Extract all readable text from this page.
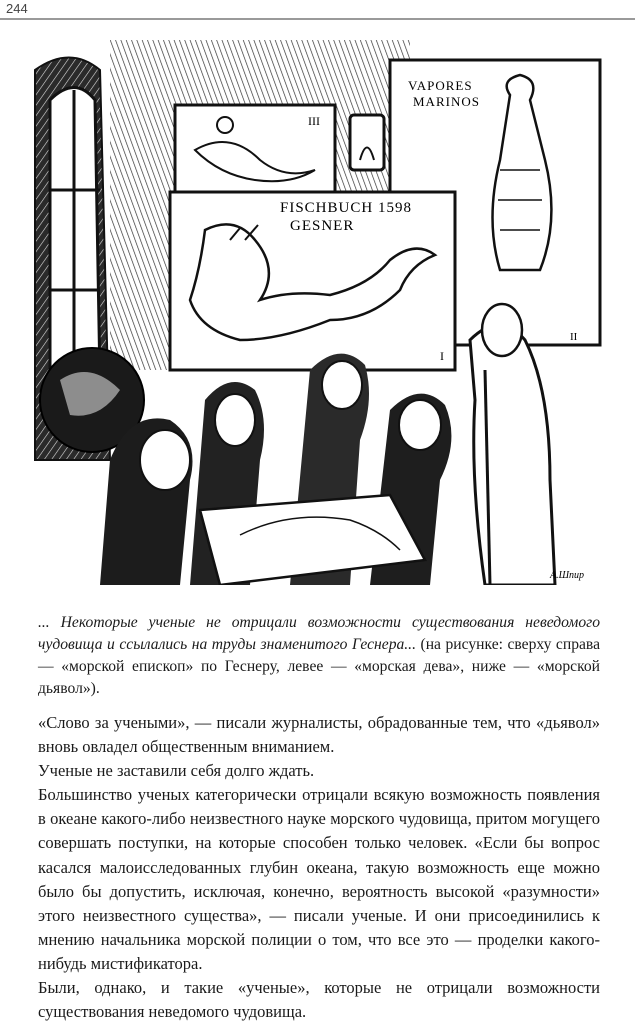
244
III
VAPORES
MARINOS
II
FISCHBUCH 1598
GESNER
I
А.Шпир
... Некоторые ученые не отрицали возможности существования неведомого чудовища и ссылались на труды знаменитого Геснера... (на рисунке: сверху справа — «морской епископ» по Геснеру, левее — «морская дева», ниже — «морской дьявол»).

«Слово за учеными», — писали журналисты, обрадованные тем, что «дьявол» вновь овладел общественным вниманием.

Ученые не заставили себя долго ждать.

Большинство ученых категорически отрицали всякую возможность появления в океане какого-либо неизвестного науке морского чудовища, притом могущего совершать поступки, на которые способен только человек. «Если бы вопрос касался малоисследованных глубин океана, такую возможность еще можно было бы допустить, исключая, конечно, вероятность высокой «разумности» этого неизвестного существа», — писали ученые. И они присоединились к мнению начальника морской полиции о том, что все это — проделки какого-нибудь мистификатора.

Были, однако, и такие «ученые», которые не отрицали возможности существования неведомого чудовища.
